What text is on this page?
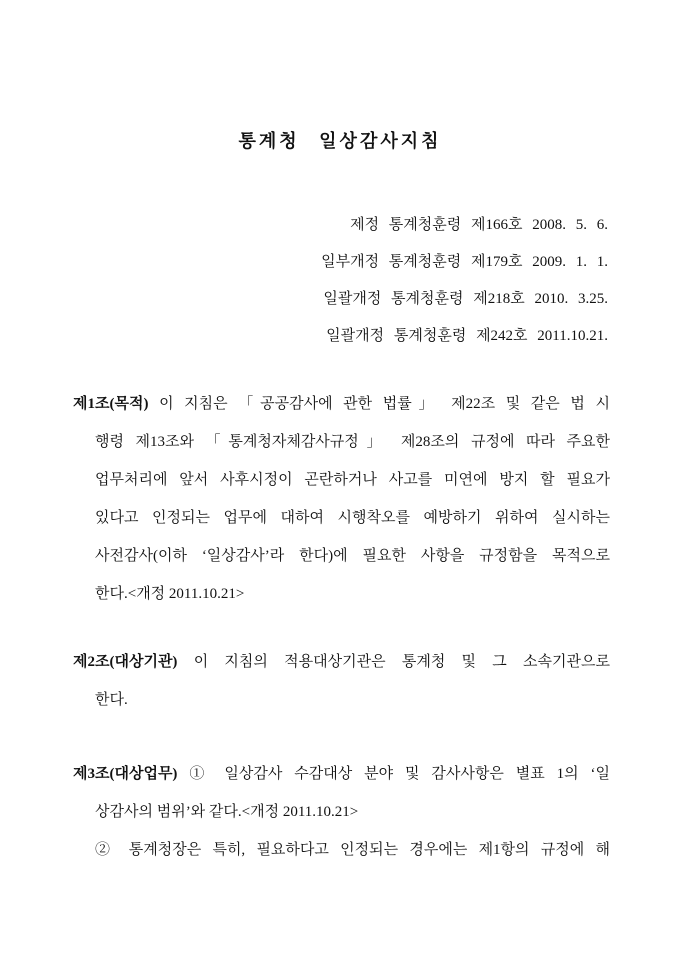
통계청 일상감사지침
제정 통계청훈령 제166호 2008. 5. 6.
일부개정 통계청훈령 제179호 2009. 1. 1.
일괄개정 통계청훈령 제218호 2010. 3.25.
일괄개정 통계청훈령 제242호 2011.10.21.
제1조(목적) 이 지침은 「공공감사에 관한 법률」 제22조 및 같은 법 시
행령 제13조와 「통계청자체감사규정」 제28조의 규정에 따라 주요한
업무처리에 앞서 사후시정이 곤란하거나 사고를 미연에 방지 할 필요가
있다고 인정되는 업무에 대하여 시행착오를 예방하기 위하여 실시하는
사전감사(이하 ‘일상감사’라 한다)에 필요한 사항을 규정함을 목적으로
한다.<개정 2011.10.21>
제2조(대상기관) 이 지침의 적용대상기관은 통계청 및 그 소속기관으로
한다.
제3조(대상업무) ① 일상감사 수감대상 분야 및 감사사항은 별표 1의 ‘일
상감사의 범위’와 같다.<개정 2011.10.21>
② 통계청장은 특히, 필요하다고 인정되는 경우에는 제1항의 규정에 해
